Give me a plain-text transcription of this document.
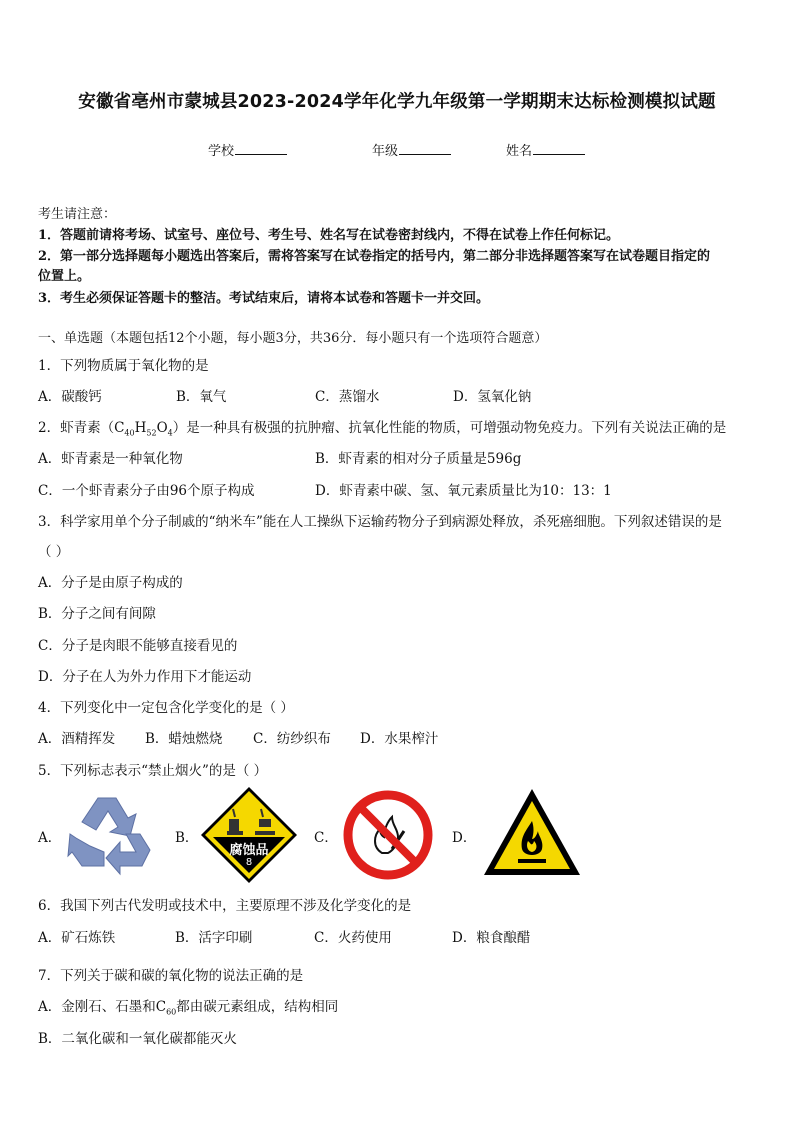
安徽省亳州市蒙城县2023-2024学年化学九年级第一学期期末达标检测模拟试题
学校	年级	姓名
考生请注意：
1．答题前请将考场、试室号、座位号、考生号、姓名写在试卷密封线内，不得在试卷上作任何标记。
2．第一部分选择题每小题选出答案后，需将答案写在试卷指定的括号内，第二部分非选择题答案写在试卷题目指定的
位置上。
3．考生必须保证答题卡的整洁。考试结束后，请将本试卷和答题卡一并交回。
一、单选题（本题包括12个小题，每小题3分，共36分．每小题只有一个选项符合题意）
1．下列物质属于氧化物的是
A．碳酸钙	B．氧气	C．蒸馏水	D．氢氧化钠
2．虾青素$(C_{40}H_{52}O_4)$是一种具有极强的抗肿瘤、抗氧化性能的物质，可增强动物免疫力。下列有关说法正确的是
A．虾青素是一种氧化物	B．虾青素的相对分子质量是596g
C．一个虾青素分子由96个原子构成	D．虾青素中碳、氢、氧元素质量比为10：13：1
3．科学家用单个分子制戚的“纳米车”能在人工操纵下运输药物分子到病源处释放，杀死癌细胞。下列叙述错误的是
（ ）
A．分子是由原子构成的
B．分子之间有间隙
C．分子是肉眼不能够直接看见的
D．分子在人为外力作用下才能运动
4．下列变化中一定包含化学变化的是（ ）
A．酒精挥发 B．蜡烛燃烧 C．纺纱织布 D．水果榨汁
5．下列标志表示“禁止烟火”的是（ ）
A．	B．	C．	D．
腐蚀品
8
6．我国下列古代发明或技术中，主要原理不涉及化学变化的是
A．矿石炼铁	B．活字印刷	C．火药使用	D．粮食酿醋
7．下列关于碳和碳的氧化物的说法正确的是
A．金刚石、石墨和$C_{60}$都由碳元素组成，结构相同
B．二氧化碳和一氧化碳都能灭火
